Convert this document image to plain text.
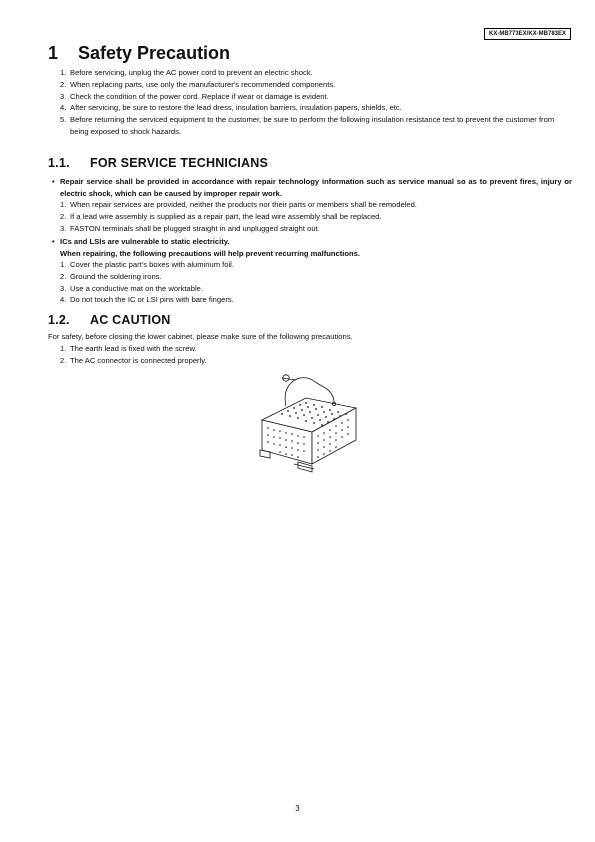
KX-MB773EX/KX-MB783EX
1 Safety Precaution
1. Before servicing, unplug the AC power cord to prevent an electric shock.
2. When replacing parts, use only the manufacturer's recommended components.
3. Check the condition of the power cord. Replace if wear or damage is evident.
4. After servicing, be sure to restore the lead dress, insulation barriers, insulation papers, shields, etc.
5. Before returning the serviced equipment to the customer, be sure to perform the following insulation resistance test to prevent the customer from being exposed to shock hazards.
1.1. FOR SERVICE TECHNICIANS
• Repair service shall be provided in accordance with repair technology information such as service manual so as to prevent fires, injury or electric shock, which can be caused by improper repair work.
1. When repair services are provided, neither the products nor their parts or members shall be remodeled.
2. If a lead wire assembly is supplied as a repair part, the lead wire assembly shall be replaced.
3. FASTON terminals shall be plugged straight in and unplugged straight out.
• ICs and LSIs are vulnerable to static electricity.
When repairing, the following precautions will help prevent recurring malfunctions.
1. Cover the plastic part's boxes with aluminum foil.
2. Ground the soldering irons.
3. Use a conductive mat on the worktable.
4. Do not touch the IC or LSI pins with bare fingers.
1.2. AC CAUTION
For safety, before closing the lower cabinet, please make sure of the following precautions.
1. The earth lead is fixed with the screw.
2. The AC connector is connected properly.
3
